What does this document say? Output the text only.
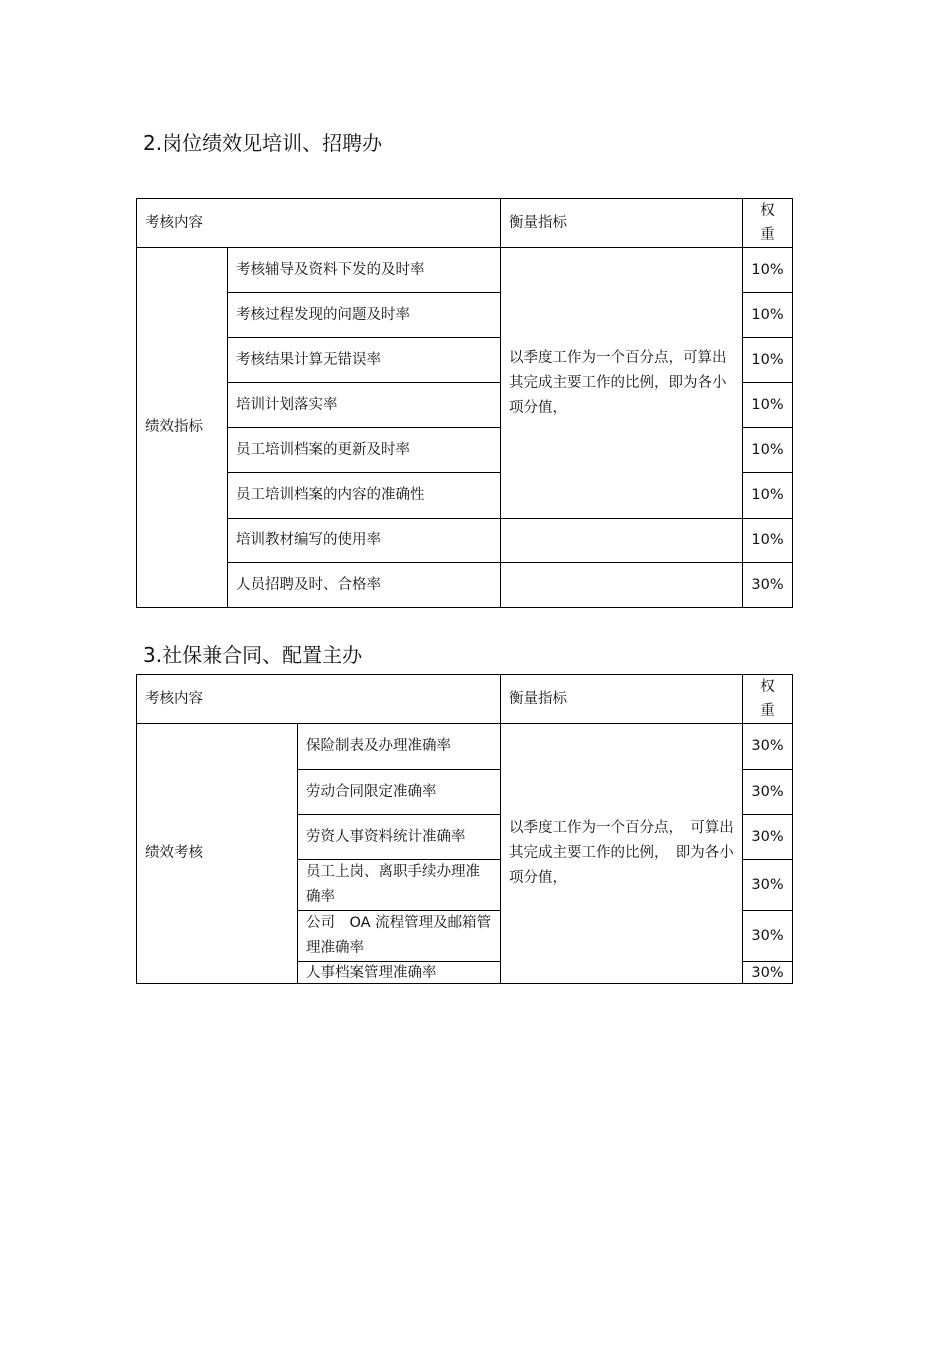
2.岗位绩效见培训、招聘办
考核内容		衡量指标	权
重
绩效指标	考核辅导及资料下发的及时率	以季度工作为一个百分点，可算出其完成主要工作的比例，即为各小项分值，	10%
	考核过程发现的问题及时率		10%
	考核结果计算无错误率		10%
	培训计划落实率		10%
	员工培训档案的更新及时率		10%
	员工培训档案的内容的准确性		10%
	培训教材编写的使用率		10%
	人员招聘及时、合格率		30%
3.社保兼合同、配置主办
考核内容		衡量指标	权
重
绩效考核	保险制表及办理准确率	以季度工作为一个百分点，　可算出其完成主要工作的比例，　即为各小项分值，	30%
	劳动合同限定准确率		30%
	劳资人事资料统计准确率		30%
	员工上岗、离职手续办理准确率		30%
	公司　OA 流程管理及邮箱管理准确率		30%
	人事档案管理准确率		30%
